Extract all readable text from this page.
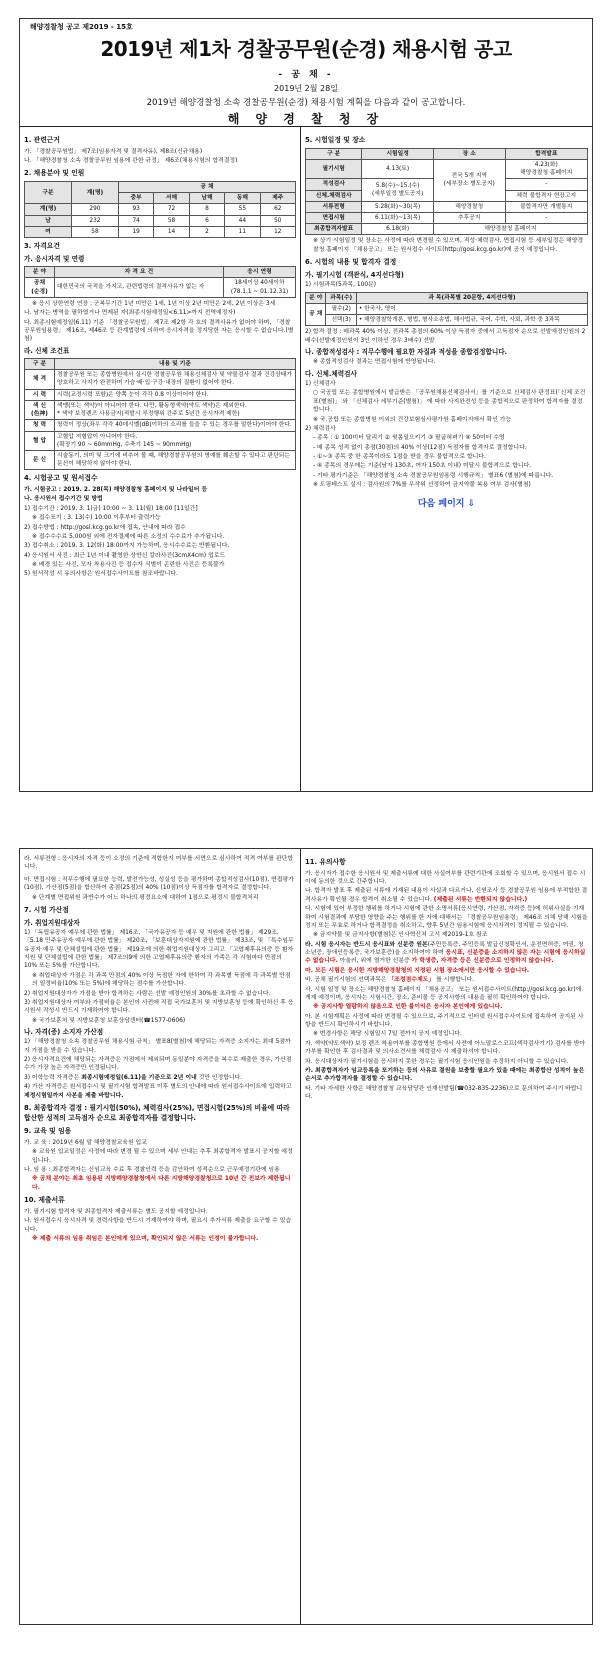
해양경찰청 공고 제2019 - 15호
2019년 제1차 경찰공무원(순경) 채용시험 공고
- 공 채 -
2019년 2월 28일
2019년 해양경찰청 소속 경찰공무원(순경) 채용시험 계획을 다음과 같이 공고합니다.
해 양 경 찰 청 장
1. 관련근거

가. 「경찰공무원법」 제7조(임용자격 및 결격사유), 제8조(신규채용)

나. 「해양경찰청 소속 경찰공무원 임용에 관한 규정」 제6조(채용시험의 합격결정)

2. 채용분야 및 인원
구분	계(명)	공 채				
		중부	서해	남해	동해	제주
계(명)	290	93	72	8	55	62
남	232	74	58	6	44	50
여	58	19	14	2	11	12
3. 자격요건
가. 응시자격 및 연령
분 야	자 격 요 건	응시 연령
공채
(순경)	대한민국의 국적을 가지고, 관련법령의 결격사유가 없는 자	18세이상 40세이하
(78.1.1 ~ 01.12.31)

※ 응시 상한연령 연장 : 군복무기간 1년 미만은 1세, 1년 이상 2년 미만은 2세, 2년 이상은 3세

나. 남자는 병역을 필하였거나 면제된 자(최종시험예정일<6.11>까지 전역예정자)

다. 최종시험예정일(6.11) 기준 「경찰공무원법」 제7조 제2항 각 호의 결격사유가 없어야 하며, 「경찰공무원임용령」 제16조, 제46조 등 관계법령에 의하여 응시자격을 정지당한 자는 응시할 수 없습니다.(별첨)

라. 신체 조건표
구 분	내용 및 기준
체 격	경찰공무원 또는 종합병원에서 실시한 경찰공무원 채용신체검사 및 약물검사 결과 건강상태가 양호하고 사지가 완전하며 가슴·배·입·구강·내장의 질환이 없어야 한다.
시 력	시력(교정시력 포함)은 양쪽 눈이 각각 0.8 이상이어야 한다.
색 신
(色神)	색맹(또는 색약)이 아니어야 한다. 다만, 활동형색약(약도 색약)은 제외한다.
* 색약 보정렌즈 사용금지(적발시 부정행위 간주로 5년간 응시자격 제한)
청 력	청력이 정상(좌우 각각 40데시벨(dB)이하의 소리를 들을 수 있는 경우를 말한다)이어야 한다.
혈 압	고혈압 저혈압이 아니어야 한다.
(확장기 90 ~ 60mmHg, 수축기 145 ~ 90mmHg)
문 신	시술동기, 의미 및 크기에 비추어 볼 때, 해양경찰공무원의 명예를 훼손할 수 있다고 판단되는 문신이 해당하지 않아야 한다.
4. 시험공고 및 원서접수

가. 시험공고 : 2019. 2. 28(목) 해양경찰청 홈페이지 및 나라일터 등

나. 응시원서 접수기간 및 방법

1) 접수기간 : 2019. 3. 1(금) 10:00 ~ 3. 11(월) 18:00 [11일간]

※ 접수포기 : 3. 13(수) 10:00 이후부터 출력가능

2) 접수방법 : http://gosi.kcg.go.kr에 접속, 안내에 따라 접수

※ 접수수수료 5,000원 외에 전자결제에 따른 소정의 수수료가 추가됩니다.

3) 접수취소 : 2019. 3. 12(화) 18:00까지 가능하며, 응시수수료는 반환됩니다.

4) 응시원서 사진 : 최근 1년 이내 촬영한 상반신 칼라사진(3cmX4cm) 업로드

※ 배경 있는 사진, 모자 착용사진 등 접수자 식별이 곤란한 사진은 등록불가

5) 원서작성 시 유의사항은 원서접수사이트를 참조바랍니다.

5. 시험일정 및 장소
구 분	시험일정	장 소	합격발표
필기시험	4.13(토)	전국 5개 지역
(세부장소 별도공지)	4.23(화)
해양경찰청 홈페이지
적성검사	5.8(수)~15.(수)
(세부일정 별도공지)		-
신체.체력검사			체력 불합격자 현장고지
서류전형	5.28(화)~30(목)	해양경찰청	불합격자만 개별통지
면접시험	6.11(화)~13(목)	추후공지	-
최종합격자발표	6.18(화)	해양경찰청 홈페이지	

※ 상기 시험일정 및 장소는 사정에 따라 변경될 수 있으며, 적성·체력검사, 면접시험 등 세부일정은 해양경찰청 홈페이지 「채용공고」 또는 원서접수 사이트(http://gosi.kcg.go.kr)에 공지 예정입니다.

6. 시험의 내용 및 합격자 결정
가. 필기시험 (객관식, 4지선다형)

1) 시험과목(5과목, 100문)

분 야	과목(수)	과 목(과목별 20문항, 4지선다형)
공 채	필수(2)	• 한국사, 영어
	선택(3)	• 해양경찰학개론, 형법, 형사소송법, 해사법규, 국어, 수학, 사회, 과학 중 3과목

2) 합격 결정 : 매과목 40% 이상, 전과목 총점의 60% 이상 득점자 중에서 고득점자 순으로 선발예정인원의 2배수(선발예정인원이 3인 이하인 경우 3배수) 선발

나. 종합적성검사 : 직무수행에 필요한 자질과 적성을 종합검정합니다.

※ 종합적성검사 결과는 면접시험에 반영됩니다.

다. 신체.체력검사

1) 신체검사

○ 국공립 또는 종합병원에서 발급받은 「공무원채용신체검사서」를 기준으로 신체검사 판정표(「신체 조건표(별첨)」 와 「신체검사 세부기준(별첨)」 에 따라 사지완전성 등을 종합적으로 판정하여 합격자를 결정합니다.

※ 국.공립 또는 종합병원 이외의 건강보험심사평가원 홈페이지에서 확인 가능

2) 체력검사

- 종목 : ① 100미터 달리기 ② 윗몸일으키기 ③ 팔굽혀펴기 ④ 50미터 수영

- 매 종목 성적 없이 총점(30점)의 40% 이상(12점) 득점자를 합격자로 결정합니다.

- ①~③ 종목 중 한 종목이라도 1점을 받을 경우 불합격으로 합니다.

- ④ 종목의 경우에는 기준(남자 130초, 여자 150초 이내) 미달시 불합격으로 합니다.

- 기타 평가기준은 「해양경찰청 소속 경찰공무원임용령 시행규칙」 별표6 (별첨)에 따릅니다.

※ 도핑테스트 실시 : 검사원의 7%를 무작위 선정하여 금지약물 복용 여부 검사(별첨)

다음 페이지 ⇩

라. 서류전형 : 응시자의 자격 등이 소정의 기준에 적합한지 여부를 서면으로 심사하여 적격 여부를 판단합니다.

마. 면접시험 : 직무수행에 필요한 능력, 발전가능성, 성실성 등을 평가하며 종합적성검사(10점), 면접평가(10점), 가산점(5점)을 합산하여 총점(25점)의 40% (10점)이상 득점자를 합격자로 결정합니다.

※ 단계별 면접위원 과반수가 어느 하나의 평정요소에 대하여 1점으로 평정시 불합격처리

7. 시험 가산점
가. 취업지원대상자

1) 「독립유공자 예우에 관한 법률」 제16조, 「국가유공자 등 예우 및 지원에 관한 법률」 제29조, 「5.18 민주유공자 예우에 관한 법률」 제20조, 「보훈대상자지원에 관한 법률」 제33조, 및 「특수임무유공자 예우 및 단체설립에 관한 법률」 제19조에 의한 취업지원대상자 그리고 「고엽제후유의증 등 환자지원 및 단체설립에 관한 법률」 제7조의9에 의한 고엽제후유의증 환자의 가족은 각 시험마다 만점의 10% 또는 5%를 가산합니다.

※ 취업대상자 가점은 각 과목 만점의 40% 이상 득점한 자에 한하여 각 과목별 득점에 각 과목별 만점의 일정비율(10% 또는 5%)에 해당하는 점수를 가산합니다.

2) 취업지원대상자가 가점을 받아 합격하는 사람은 선발 예정인원의 30%를 초과할 수 없습니다.

3) 취업지원대상자 여부와 가점비율은 본인이 사전에 직접 국가보훈처 및 지방보훈청 등에 확인하신 후 응시원서 작성시 반드시 기재하여야 합니다.

※ 국가보훈처 및 지방보훈청 보훈상담센터(☎1577-0606)

나. 자격(증) 소지자 가산점

1) 「해양경찰청 소속 경찰공무원 채용시험 규칙」 별표8(별첨)에 해당되는 자격증 소지자는 최대 5점까지 가점을 받을 수 있습니다.

2) 응시자격요건에 해당되는 자격증은 가점에서 제외되며 동일분야 자격증을 복수로 제출한 경우, 가산점수가 가장 높은 자격증만 인정됩니다.

3) 어학능력 자격증은 최종시험예정일(6.11)을 기준으로 2년 이내 것만 인정합니다.

4) 가산 자격증은 원서접수시 및 필기시험 합격발표 이후 별도의 안내에 따라 원서접수사이트에 입력하고 제정시험일까지 사본을 제출 바랍니다.

8. 최종합격자 결정 : 필기시험(50%), 체력검사(25%), 면접시험(25%)의 비율에 따라 합산한 성적의 고득점자 순으로 최종합격자를 결정합니다.
9. 교육 및 임용

가. 교 육 : 2019년 6월 말 해양경찰교육원 입교

※ 교육원 입교일정은 사정에 따라 변경 될 수 있으며 세부 안내는 추후 최종합격자 발표시 공지할 예정입니다.

나. 임 용 : 최종합격자는 신임교육 수료 후 경찰인력 등을 감안하여 성적순으로 근무예정기관에 임용

※ 공채 분야는 최초 임용된 지방해양경찰청에서 다른 지방해양경찰청으로 10년 간 전보가 제한됩니다.

10. 제출서류

가. 필기시험 합격자 및 최종합격자 제출서류는 별도 공지할 예정입니다.

나. 원서접수시 응시자격 및 경력사항을 반드시 기재하여야 하며, 필요시 추가서류 제출을 요구할 수 있습니다.

※ 제출 서류의 임용 취임은 본인에게 있으며, 확인되지 않은 서류는 인정이 불가합니다.

11. 유의사항

가. 응시자가 접수한 응시원서 및 제출서류에 대한 사실여부를 관련기관에 조회할 수 있으며, 응시원서 접수 시 이에 동의한 것으로 간주합니다.

나. 합격자 발표 후 제출된 서류에 기재된 내용이 사실과 다르거나, 신원조사 등 경찰공무원 임용에 부적합한 결격사유가 확인될 경우 합격이 취소될 수 있습니다. (제출된 서류는 반환되지 않습니다.)

다. 시험에 있어 부정한 행위를 하거나 시험에 관한 소명서류(응시연령, 가산점, 자격증 등)에 허위사실을 기재하여 시험결과에 부당한 영향을 주는 행위를 한 자에 대해서는 「경찰공무원임용령」 제46조 의해 당해 시험을 정지 또는 무효로 하거나 합격결정을 취소하고, 향후 5년간 임용시험에 응시자격이 정지될 수 있습니다.

※ 금지약물 및 금지사항(별첨)은 인사혁신처 고시 제2019-1호 참조

라. 시험 응시자는 반드시 응시표와 신분증 원본(주민등록증, 주민등록 발급신청확인서, 운전면허증, 여권, 청소년증, 장애인등록증, 국가보훈증)을 소지하여야 하며 응시표, 신분증을 소지하지 않은 자는 시험에 응시하실 수 없습니다. 아울러, 위에 열거한 신분증 가 학생증, 자격증 등은 신분증으로 인정하지 않습니다.

마. 모든 시험은 응시한 지방해양경찰청의 지정된 시험 장소에서만 응시할 수 있습니다.

바. 공채 필기시험의 선택과목은 「조정점수제도」 를 시행합니다.

사. 시험 일정 및 장소는 해양경찰청 홈페이지 「채용공고」 또는 원서접수사이트(http://gosi.kcg.go.kr)에 게재 예정이며, 응시자는 시험시간, 장소, 준비물 등 공지사항의 내용을 필히 확인하여야 합니다.

※ 공지사항 열람하지 않음으로 인한 불이익은 응시자 본인에게 있습니다.

아. 본 시험계획은 사정에 따라 변경될 수 있으므로, 주기적으로 인터넷 원서접수사이트에 접속하여 공지된 사항을 반드시 확인하시기 바랍니다.

※ 변경사항은 해당 시험일시 7일 전까지 공지 예정입니다.

자. 색약(약도색약) 보정 렌즈 착용여부를 종합병원 등에서 사전에 아노말로스코프(색각검사기기) 검사를 받아 가부를 확인한 후 검사결과 및 의사소견서를 체력검사 시 제출하셔야 합니다.

차. 응시대상자가 필기시험을 응시하지 못한 경우는 필기시험 응시인원을 추정하지 아니할 수 있습니다.

카. 최종합격자가 임교등록을 포기하는 등의 사유로 결원을 보충할 필요가 있을 때에는 최종합산 성적이 높은 순서로 추가합격자를 결정할 수 있습니다.

타. 기타 자세한 사항은 해양경찰청 교육담당관 인재선발팀(☎032-835-2236)으로 문의하여 주시기 바랍니다.
